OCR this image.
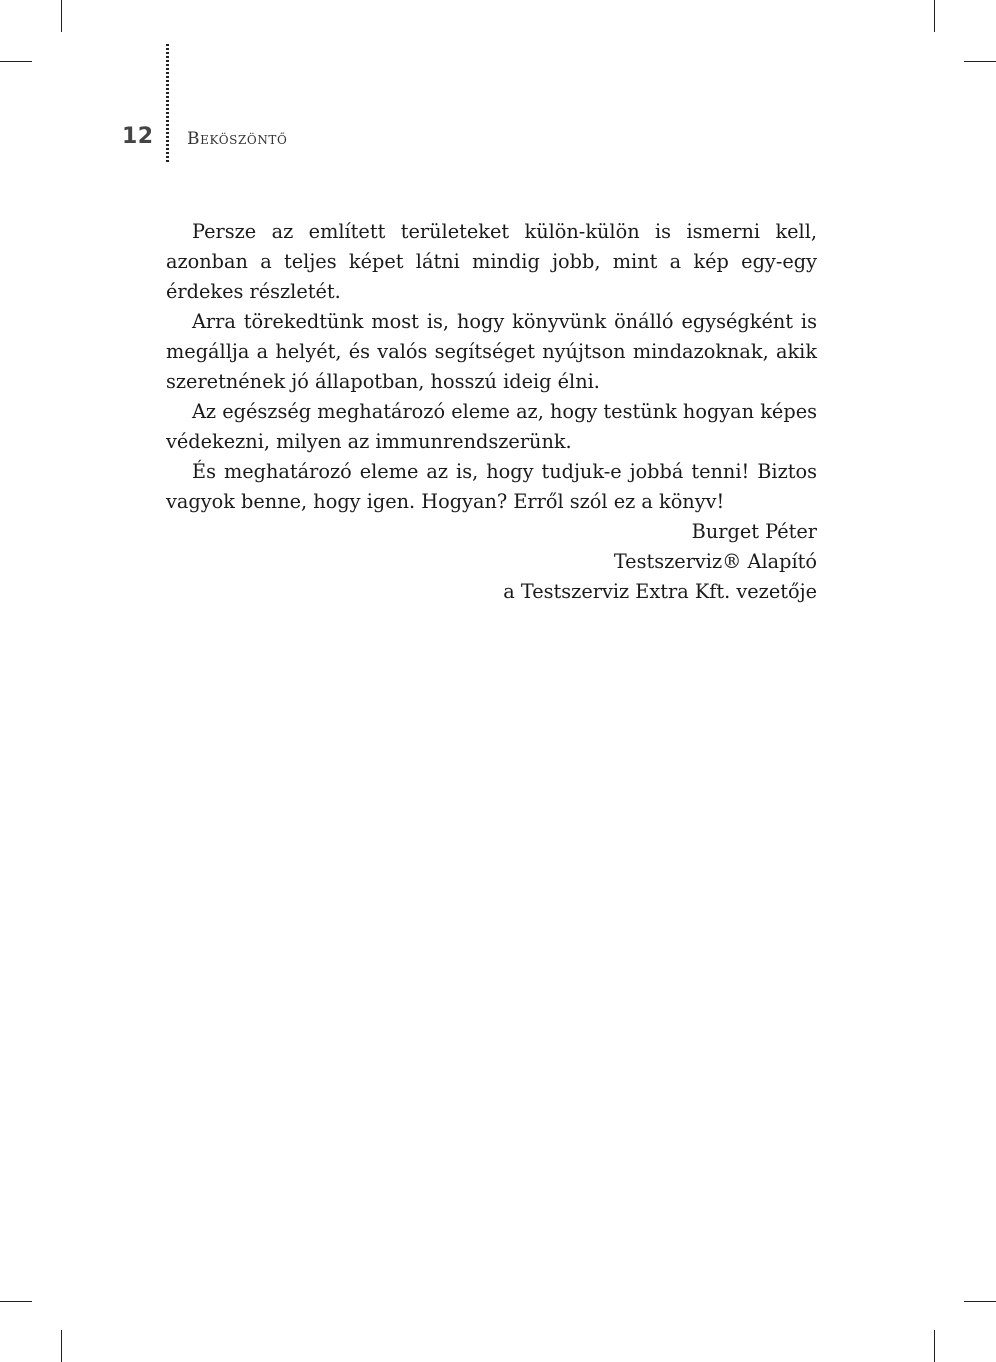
12 Beköszöntő

Persze az említett területeket külön-külön is ismerni kell, azonban a teljes képet látni mindig jobb, mint a kép egy-egy érdekes részletét.

Arra törekedtünk most is, hogy könyvünk önálló egységként is megállja a helyét, és valós segítséget nyújtson mindazoknak, akik szeretnének jó állapotban, hosszú ideig élni.

Az egészség meghatározó eleme az, hogy testünk hogyan képes védekezni, milyen az immunrendszerünk.

És meghatározó eleme az is, hogy tudjuk-e jobbá tenni! Biztos vagyok benne, hogy igen. Hogyan? Erről szól ez a könyv!

Burget Péter
Testszerviz® Alapító
a Testszerviz Extra Kft. vezetője
